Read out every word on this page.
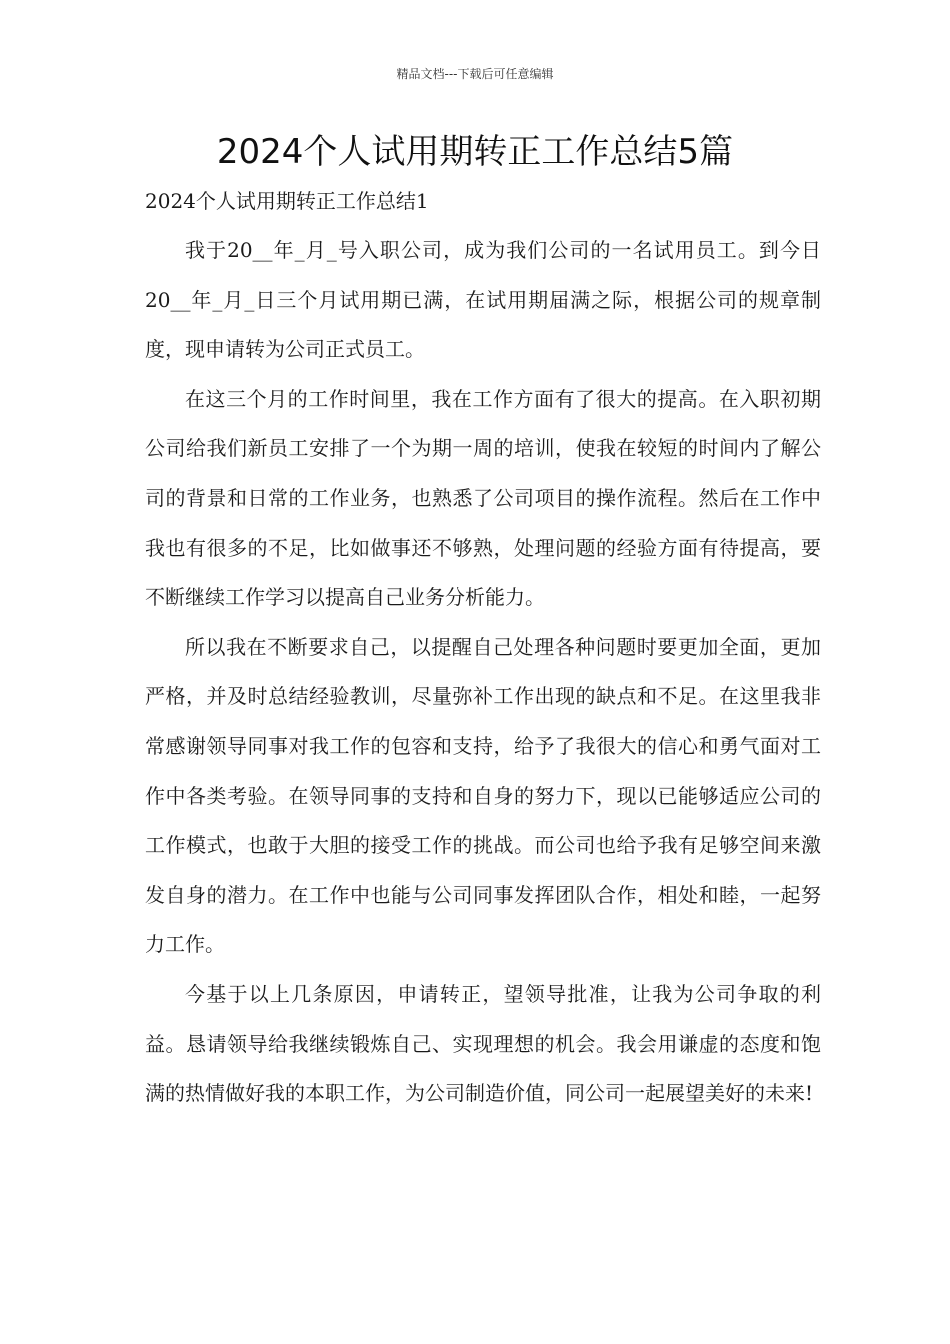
精品文档---下载后可任意编辑
2024个人试用期转正工作总结5篇
2024个人试用期转正工作总结1

我于20__年_月_号入职公司，成为我们公司的一名试用员工。到今日20__年_月_日三个月试用期已满，在试用期届满之际，根据公司的规章制度，现申请转为公司正式员工。

在这三个月的工作时间里，我在工作方面有了很大的提高。在入职初期公司给我们新员工安排了一个为期一周的培训，使我在较短的时间内了解公司的背景和日常的工作业务，也熟悉了公司项目的操作流程。然后在工作中我也有很多的不足，比如做事还不够熟，处理问题的经验方面有待提高，要不断继续工作学习以提高自己业务分析能力。

所以我在不断要求自己，以提醒自己处理各种问题时要更加全面，更加严格，并及时总结经验教训，尽量弥补工作出现的缺点和不足。在这里我非常感谢领导同事对我工作的包容和支持，给予了我很大的信心和勇气面对工作中各类考验。在领导同事的支持和自身的努力下，现以已能够适应公司的工作模式，也敢于大胆的接受工作的挑战。而公司也给予我有足够空间来激发自身的潜力。在工作中也能与公司同事发挥团队合作，相处和睦，一起努力工作。

今基于以上几条原因，申请转正，望领导批准，让我为公司争取的利益。恳请领导给我继续锻炼自己、实现理想的机会。我会用谦虚的态度和饱满的热情做好我的本职工作，为公司制造价值，同公司一起展望美好的未来!
